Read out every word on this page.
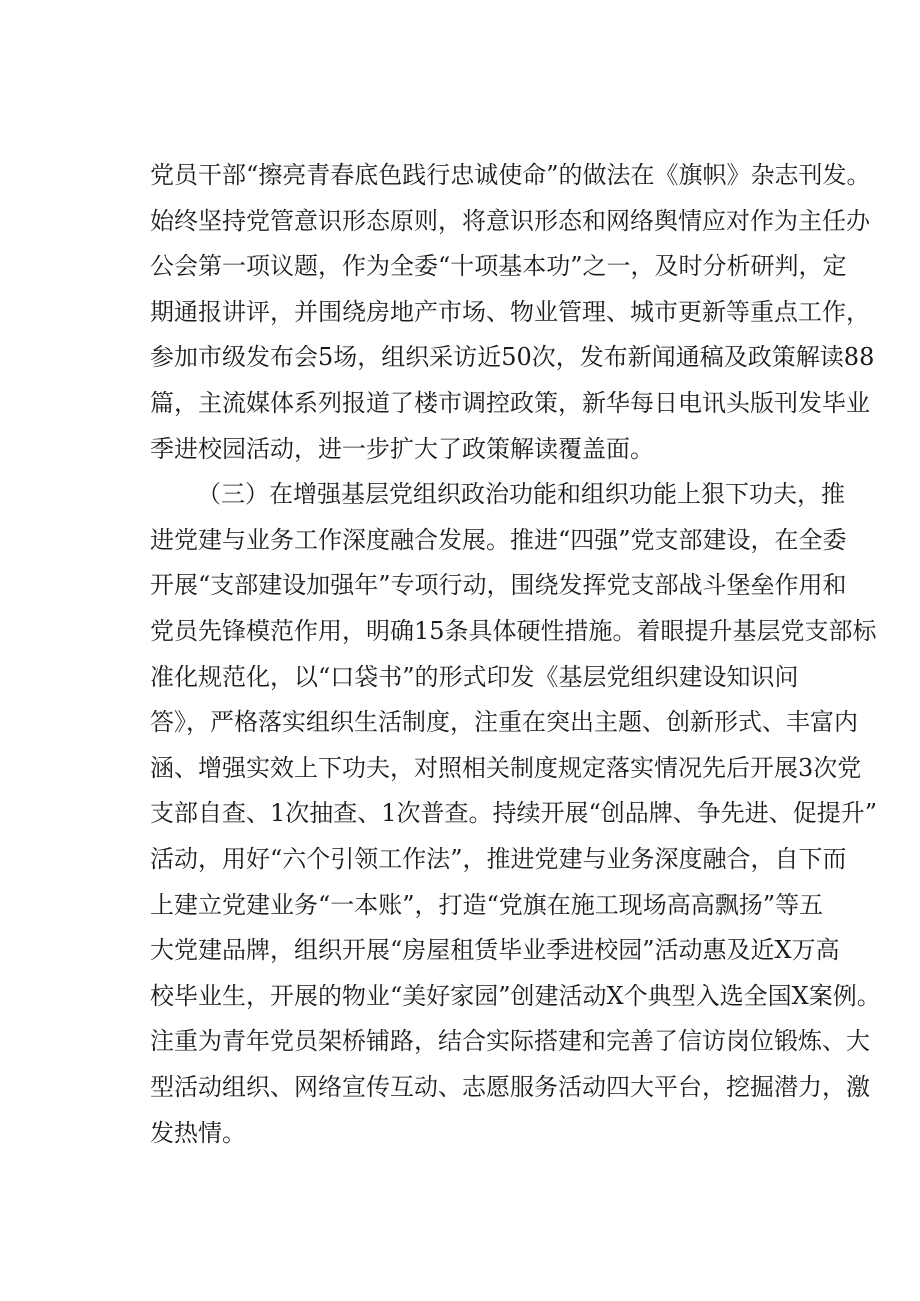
党员干部“擦亮青春底色践行忠诚使命”的做法在《旗帜》杂志刊发。
始终坚持党管意识形态原则，将意识形态和网络舆情应对作为主任办
公会第一项议题，作为全委“十项基本功”之一，及时分析研判，定
期通报讲评，并围绕房地产市场、物业管理、城市更新等重点工作，
参加市级发布会5场，组织采访近50次，发布新闻通稿及政策解读88
篇，主流媒体系列报道了楼市调控政策，新华每日电讯头版刊发毕业
季进校园活动，进一步扩大了政策解读覆盖面。
（三）在增强基层党组织政治功能和组织功能上狠下功夫，推
进党建与业务工作深度融合发展。推进“四强”党支部建设，在全委
开展“支部建设加强年”专项行动，围绕发挥党支部战斗堡垒作用和
党员先锋模范作用，明确15条具体硬性措施。着眼提升基层党支部标
准化规范化，以“口袋书”的形式印发《基层党组织建设知识问
答》，严格落实组织生活制度，注重在突出主题、创新形式、丰富内
涵、增强实效上下功夫，对照相关制度规定落实情况先后开展3次党
支部自查、1次抽查、1次普查。持续开展“创品牌、争先进、促提升”
活动，用好“六个引领工作法”，推进党建与业务深度融合，自下而
上建立党建业务“一本账”，打造“党旗在施工现场高高飘扬”等五
大党建品牌，组织开展“房屋租赁毕业季进校园”活动惠及近X万高
校毕业生，开展的物业“美好家园”创建活动X个典型入选全国X案例。
注重为青年党员架桥铺路，结合实际搭建和完善了信访岗位锻炼、大
型活动组织、网络宣传互动、志愿服务活动四大平台，挖掘潜力，激
发热情。
